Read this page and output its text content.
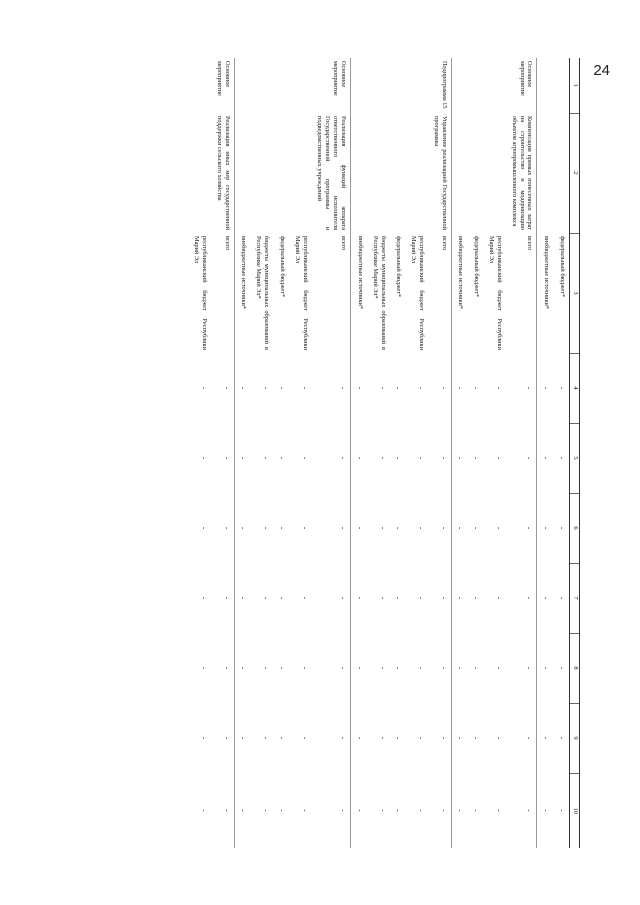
24
1	2	3	4	5	6	7	8	9	10
		федеральный бюджет*	-	-	-	-	-	-	-
		внебюджетные источники*	-	-	-	-	-	-	-
Основное мероприятие	Компенсация прямых понесенных затрат на строительство и модернизацию объектов агропромышленного комплекса	всего	-	-	-	-	-	-	-
		республиканский бюджет Республики Марий Эл	-	-	-	-	-	-	-
		федеральный бюджет*	-	-	-	-	-	-	-
		внебюджетные источники*	-	-	-	-	-	-	-
Подпрограмма 15	Управление реализацией Государственной программы	всего	-	-	-	-	-	-	-
		республиканский бюджет Республики Марий Эл	-	-	-	-	-	-	-
		федеральный бюджет*	-	-	-	-	-	-	-
		бюджеты муниципальных образований в Республике Марий Эл*	-	-	-	-	-	-	-
		внебюджетные источники*	-	-	-	-	-	-	-
Основное мероприятие	Реализация функций аппарата ответственного исполнителя Государственной программы и подведомственных учреждений	всего	-	-	-	-	-	-	-
		республиканский бюджет Республики Марий Эл	-	-	-	-	-	-	-
		федеральный бюджет*	-	-	-	-	-	-	-
		бюджеты муниципальных образований в Республике Марий Эл*	-	-	-	-	-	-	-
		внебюджетные источники*	-	-	-	-	-	-	-
Основное мероприятие	Реализация иных мер государственной поддержки сельского хозяйства	всего	-	-	-	-	-	-	-
		республиканский бюджет Республики Марий Эл	-	-	-	-	-	-	-
